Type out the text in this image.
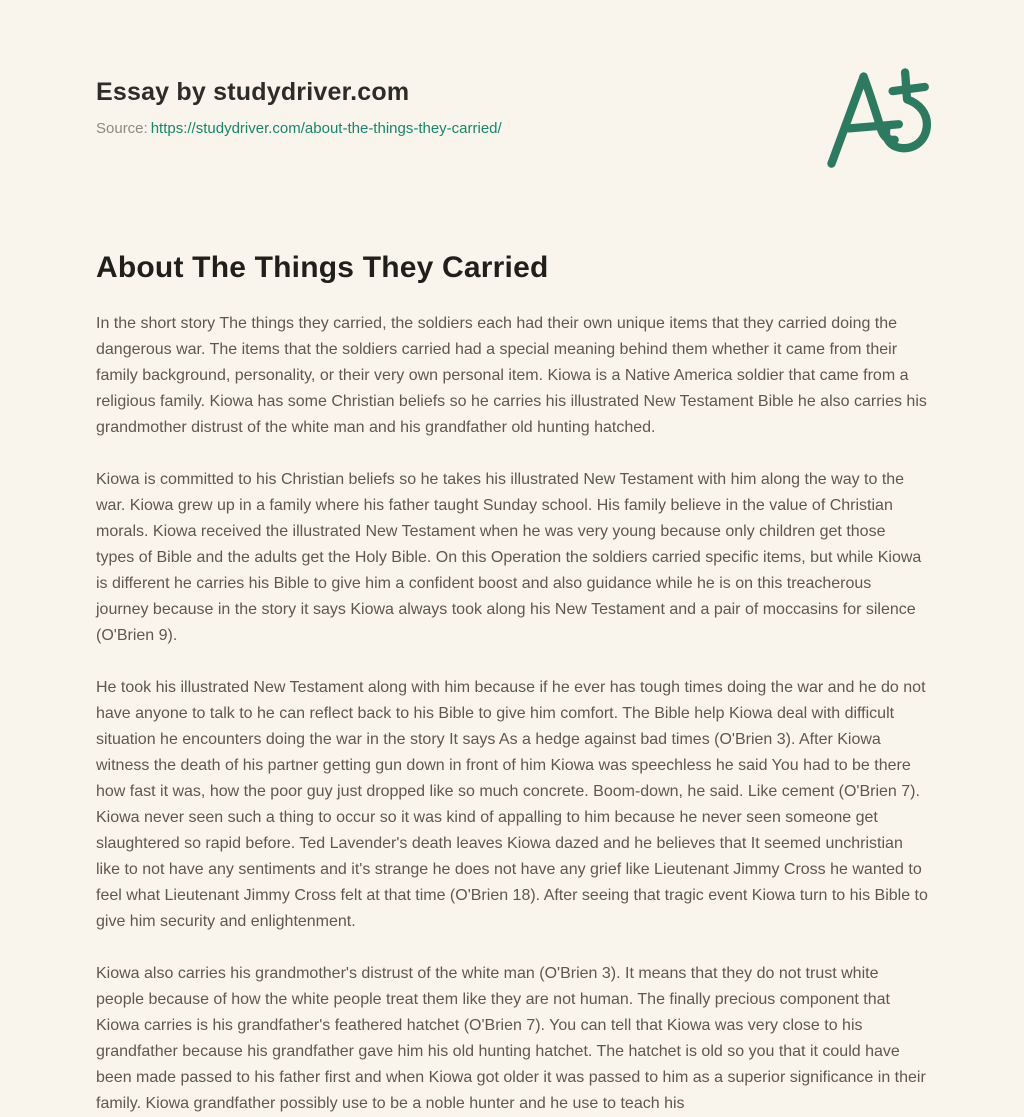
Essay by studydriver.com
Source: https://studydriver.com/about-the-things-they-carried/
About The Things They Carried

In the short story The things they carried, the soldiers each had their own unique items that they carried doing the dangerous war. The items that the soldiers carried had a special meaning behind them whether it came from their family background, personality, or their very own personal item. Kiowa is a Native America soldier that came from a religious family. Kiowa has some Christian beliefs so he carries his illustrated New Testament Bible he also carries his grandmother distrust of the white man and his grandfather old hunting hatched.

Kiowa is committed to his Christian beliefs so he takes his illustrated New Testament with him along the way to the war. Kiowa grew up in a family where his father taught Sunday school. His family believe in the value of Christian morals. Kiowa received the illustrated New Testament when he was very young because only children get those types of Bible and the adults get the Holy Bible. On this Operation the soldiers carried specific items, but while Kiowa is different he carries his Bible to give him a confident boost and also guidance while he is on this treacherous journey because in the story it says Kiowa always took along his New Testament and a pair of moccasins for silence (O'Brien 9).

He took his illustrated New Testament along with him because if he ever has tough times doing the war and he do not have anyone to talk to he can reflect back to his Bible to give him comfort. The Bible help Kiowa deal with difficult situation he encounters doing the war in the story It says As a hedge against bad times (O'Brien 3). After Kiowa witness the death of his partner getting gun down in front of him Kiowa was speechless he said You had to be there how fast it was, how the poor guy just dropped like so much concrete. Boom-down, he said. Like cement (O'Brien 7). Kiowa never seen such a thing to occur so it was kind of appalling to him because he never seen someone get slaughtered so rapid before. Ted Lavender's death leaves Kiowa dazed and he believes that It seemed unchristian like to not have any sentiments and it's strange he does not have any grief like Lieutenant Jimmy Cross he wanted to feel what Lieutenant Jimmy Cross felt at that time (O'Brien 18). After seeing that tragic event Kiowa turn to his Bible to give him security and enlightenment.

Kiowa also carries his grandmother's distrust of the white man (O'Brien 3). It means that they do not trust white people because of how the white people treat them like they are not human. The finally precious component that Kiowa carries is his grandfather's feathered hatchet (O'Brien 7). You can tell that Kiowa was very close to his grandfather because his grandfather gave him his old hunting hatchet. The hatchet is old so you that it could have been made passed to his father first and when Kiowa got older it was passed to him as a superior significance in their family. Kiowa grandfather possibly use to be a noble hunter and he use to teach his
